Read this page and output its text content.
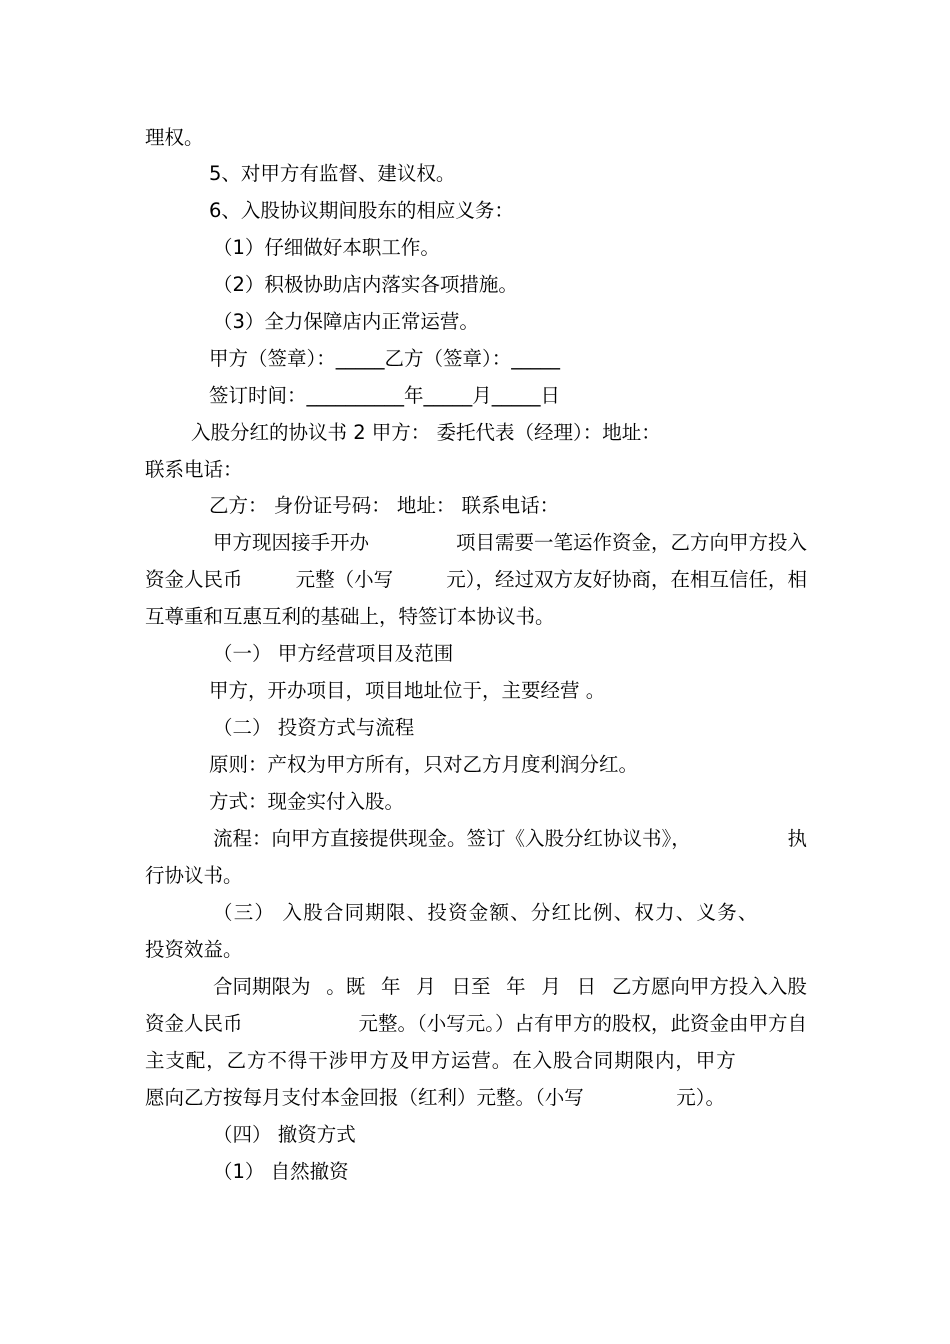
理权。
5、对甲方有监督、建议权。
6、入股协议期间股东的相应义务：
（1）仔细做好本职工作。
（2）积极协助店内落实各项措施。
（3）全力保障店内正常运营。
甲方（签章）：_____乙方（签章）：_____
签订时间：__________年_____月_____日
入股分红的协议书 2 甲方： 委托代表（经理）：地址：
联系电话：
乙方： 身份证号码： 地址： 联系电话：
甲方现因接手开办	项目需要一笔运作资金，乙方向甲方投入
资金人民币	元整（小写	元），经过双方友好协商，在相互信任，相
互尊重和互惠互利的基础上，特签订本协议书。
（一） 甲方经营项目及范围
甲方，开办项目，项目地址位于，主要经营 。
（二） 投资方式与流程
原则：产权为甲方所有，只对乙方月度利润分红。
方式：现金实付入股。
流程：向甲方直接提供现金。签订《入股分红协议书》，	执
行协议书。
（三） 入股合同期限、投资金额、分红比例、权力、义务、
投资效益。
合同期限为 。既 年 月 日至 年 月 日 乙方愿向甲方投入入股
资金人民币	元整。（小写元。）占有甲方的股权，此资金由甲方自
主支配，乙方不得干涉甲方及甲方运营。在入股合同期限内，甲方
愿向乙方按每月支付本金回报（红利）元整。（小写	元）。
（四） 撤资方式
（1） 自然撤资
